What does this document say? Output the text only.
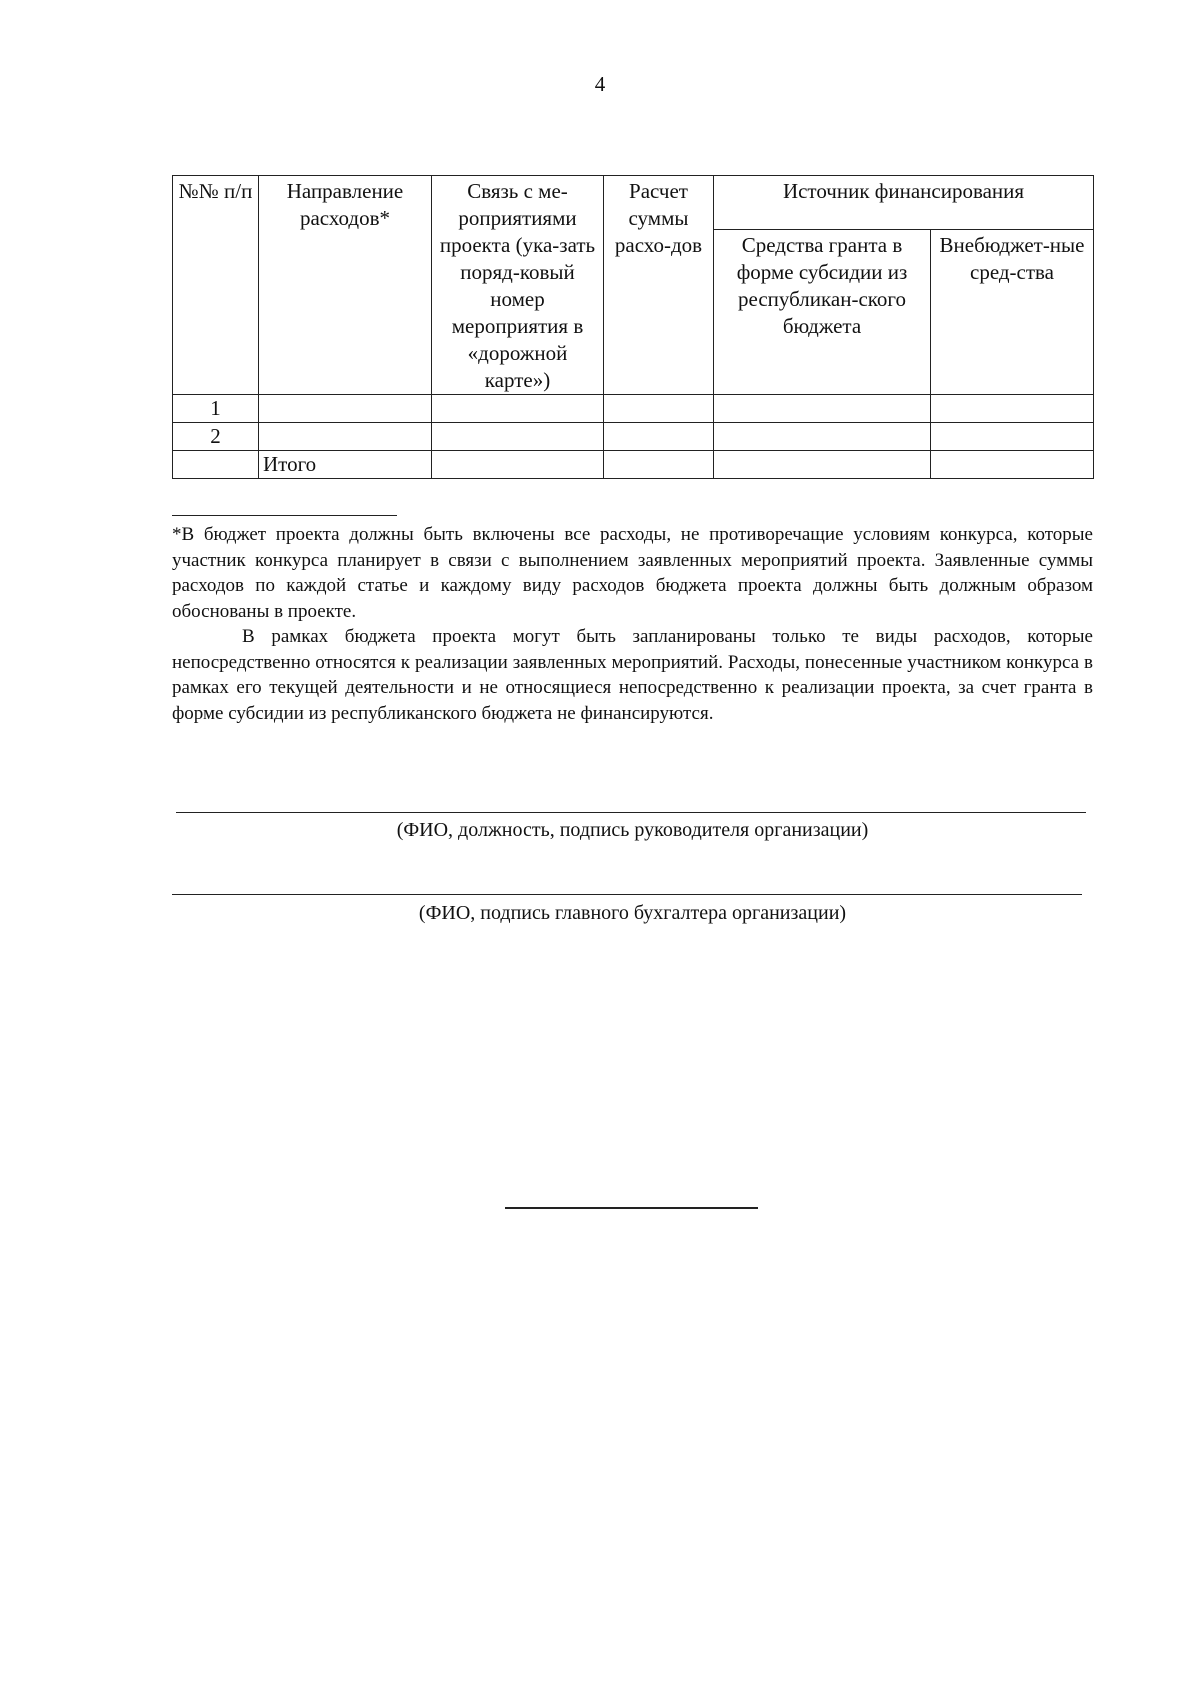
4
№№ п/п	Направление расходов*	Связь с ме-роприятиями проекта (ука-зать поряд-ковый номер мероприятия в «дорожной карте»)	Расчет суммы расхо-дов	Источник финансирования	
				Средства гранта в форме субсидии из республикан-ского бюджета	Внебюджет-ные сред-ства
1					
2					
	Итого				

*В бюджет проекта должны быть включены все расходы, не противоречащие условиям конкурса, которые участник конкурса планирует в связи с выполнением заявленных мероприятий проекта. Заявленные суммы расходов по каждой статье и каждому виду расходов бюджета проекта должны быть должным образом обоснованы в проекте.

В рамках бюджета проекта могут быть запланированы только те виды расходов, которые непосредственно относятся к реализации заявленных мероприятий. Расходы, понесенные участником конкурса в рамках его текущей деятельности и не относящиеся непосредственно к реализации проекта, за счет гранта в форме субсидии из республиканского бюджета не финансируются.

(ФИО, должность, подпись руководителя организации)
(ФИО, подпись главного бухгалтера организации)
